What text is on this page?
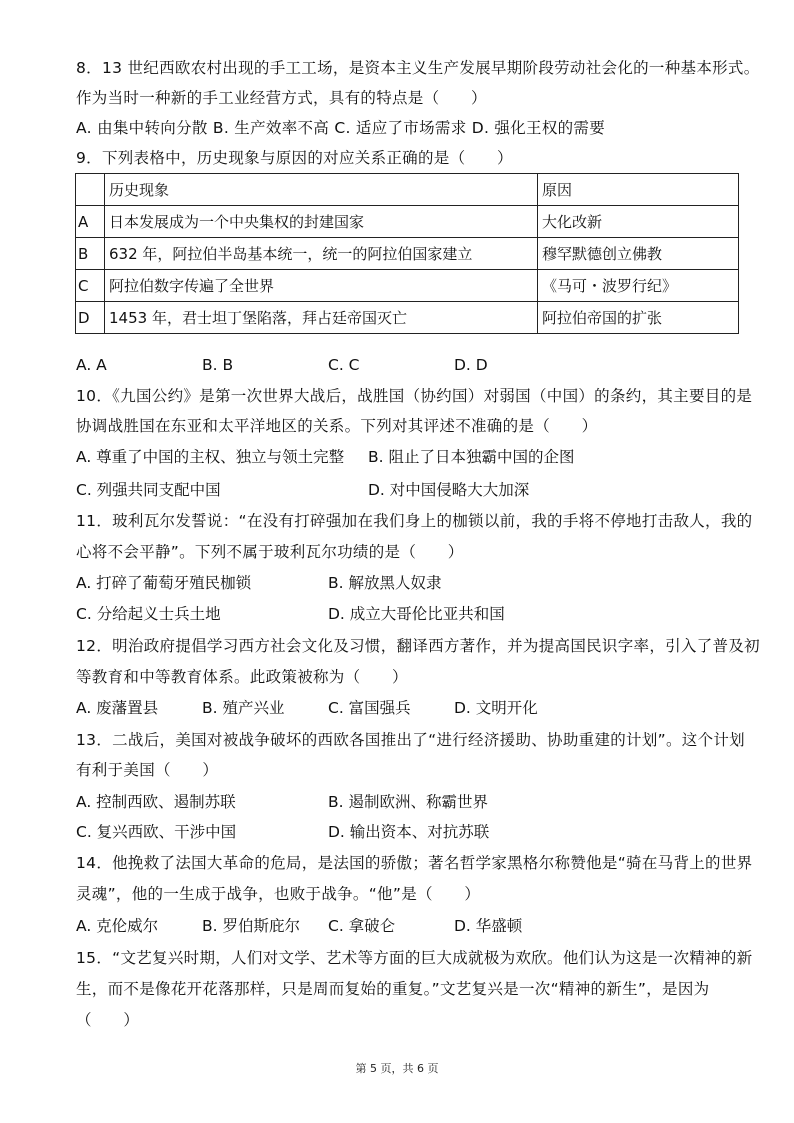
8．13 世纪西欧农村出现的手工工场，是资本主义生产发展早期阶段劳动社会化的一种基本形式。
作为当时一种新的手工业经营方式，具有的特点是（　　）
A. 由集中转向分散 B. 生产效率不高 C. 适应了市场需求 D. 强化王权的需要
9．下列表格中，历史现象与原因的对应关系正确的是（　　）
	历史现象	原因
A	日本发展成为一个中央集权的封建国家	大化改新
B	632 年，阿拉伯半岛基本统一，统一的阿拉伯国家建立	穆罕默德创立佛教
C	阿拉伯数字传遍了全世界	《马可・波罗行纪》
D	1453 年，君士坦丁堡陷落，拜占廷帝国灭亡	阿拉伯帝国的扩张
A. A	B. B	C. C	D. D
10．《九国公约》是第一次世界大战后，战胜国（协约国）对弱国（中国）的条约，其主要目的是
协调战胜国在东亚和太平洋地区的关系。下列对其评述不准确的是（　　）
A. 尊重了中国的主权、独立与领土完整 B. 阻止了日本独霸中国的企图
C. 列强共同支配中国	D. 对中国侵略大大加深
11．玻利瓦尔发誓说：“在没有打碎强加在我们身上的枷锁以前，我的手将不停地打击敌人，我的
心将不会平静”。下列不属于玻利瓦尔功绩的是（　　）
A. 打碎了葡萄牙殖民枷锁	B. 解放黑人奴隶
C. 分给起义士兵土地	D. 成立大哥伦比亚共和国
12．明治政府提倡学习西方社会文化及习惯，翻译西方著作，并为提高国民识字率，引入了普及初
等教育和中等教育体系。此政策被称为（　　）
A. 废藩置县	B. 殖产兴业	C. 富国强兵	D. 文明开化
13．二战后，美国对被战争破坏的西欧各国推出了“进行经济援助、协助重建的计划”。这个计划
有利于美国（　　）
A. 控制西欧、遏制苏联	B. 遏制欧洲、称霸世界
C. 复兴西欧、干涉中国	D. 输出资本、对抗苏联
14．他挽救了法国大革命的危局，是法国的骄傲；著名哲学家黑格尔称赞他是“骑在马背上的世界
灵魂”，他的一生成于战争，也败于战争。“他”是（　　）
A. 克伦威尔	B. 罗伯斯庇尔 C. 拿破仑	D. 华盛顿
15．“文艺复兴时期，人们对文学、艺术等方面的巨大成就极为欢欣。他们认为这是一次精神的新
生，而不是像花开花落那样，只是周而复始的重复。”文艺复兴是一次“精神的新生”，是因为
（　　）
第 5 页，共 6 页
